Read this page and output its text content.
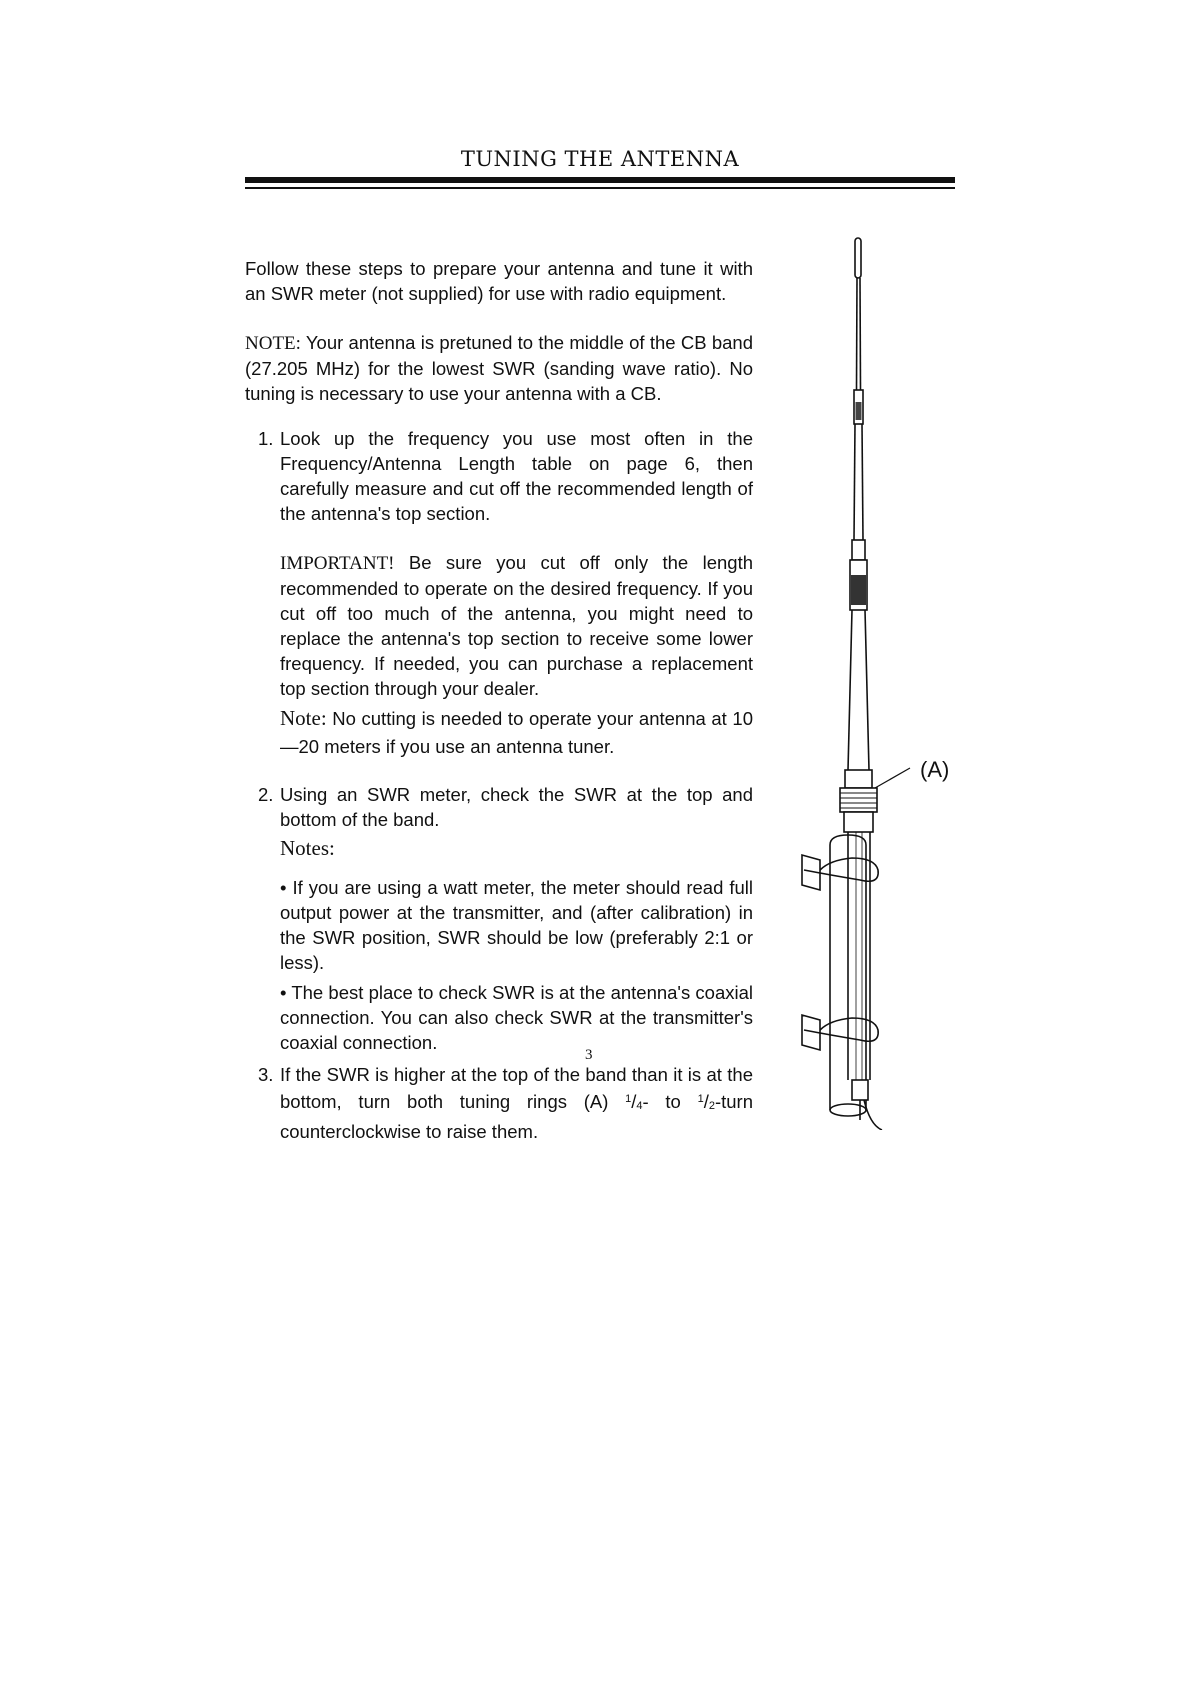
TUNING THE ANTENNA

Follow these steps to prepare your antenna and tune it with an SWR meter (not supplied) for use with radio equipment.

NOTE: Your antenna is pretuned to the middle of the CB band (27.205 MHz) for the lowest SWR (sanding wave ratio). No tuning is necessary to use your antenna with a CB.

1. Look up the frequency you use most often in the Frequency/Antenna Length table on page 6, then carefully measure and cut off the recommended length of the antenna's top section.

IMPORTANT! Be sure you cut off only the length recommended to operate on the desired frequency. If you cut off too much of the antenna, you might need to replace the antenna's top section to receive some lower frequency. If needed, you can purchase a replacement top section through your dealer.

Note: No cutting is needed to operate your antenna at 10—20 meters if you use an antenna tuner.

2. Using an SWR meter, check the SWR at the top and bottom of the band.

Notes:

• If you are using a watt meter, the meter should read full output power at the transmitter, and (after calibration) in the SWR position, SWR should be low (preferably 2:1 or less).

• The best place to check SWR is at the antenna's coaxial connection. You can also check SWR at the transmitter's coaxial connection.

3. If the SWR is higher at the top of the band than it is at the bottom, turn both tuning rings (A) $^1/_4-$ to $^1/_2$-turn counterclockwise to raise them.

(A)
3
